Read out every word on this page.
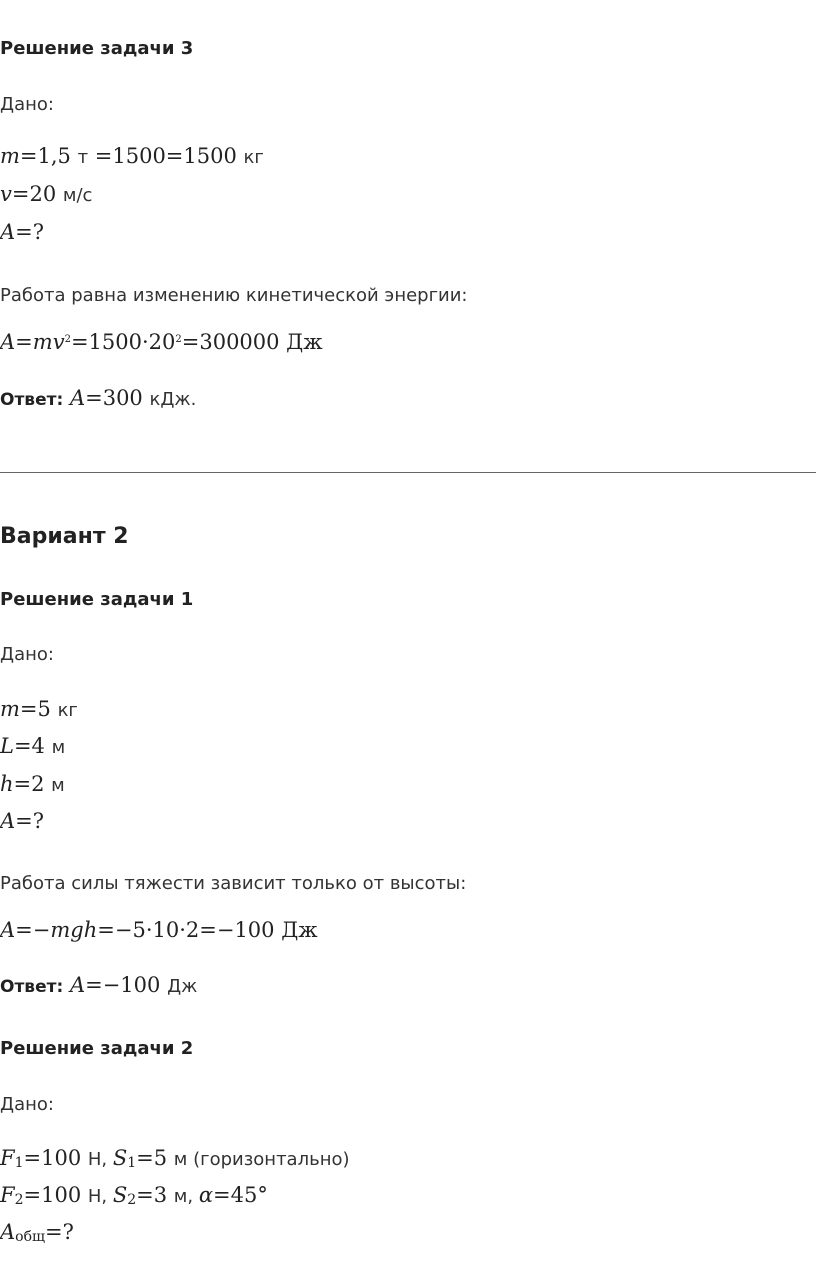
Решение задачи 3
Дано:
m=1,5 т =1500=1500 кг
v=20 м/с
A=?
Работа равна изменению кинетической энергии:
$A=mv^2=1500\cdot 20^2=300000$ Дж
Ответ: A=300 кДж.
Вариант 2
Решение задачи 1
Дано:
m=5 кг
L=4 м
h=2 м
A=?
Работа силы тяжести зависит только от высоты:
A=−mgh=−5·10·2=−100 Дж
Ответ: A=−100 Дж
Решение задачи 2
Дано:
F1=100 Н, S1=5 м (горизонтально)
F2=100 Н, S2=3 м, α=45°
Aобщ=?
